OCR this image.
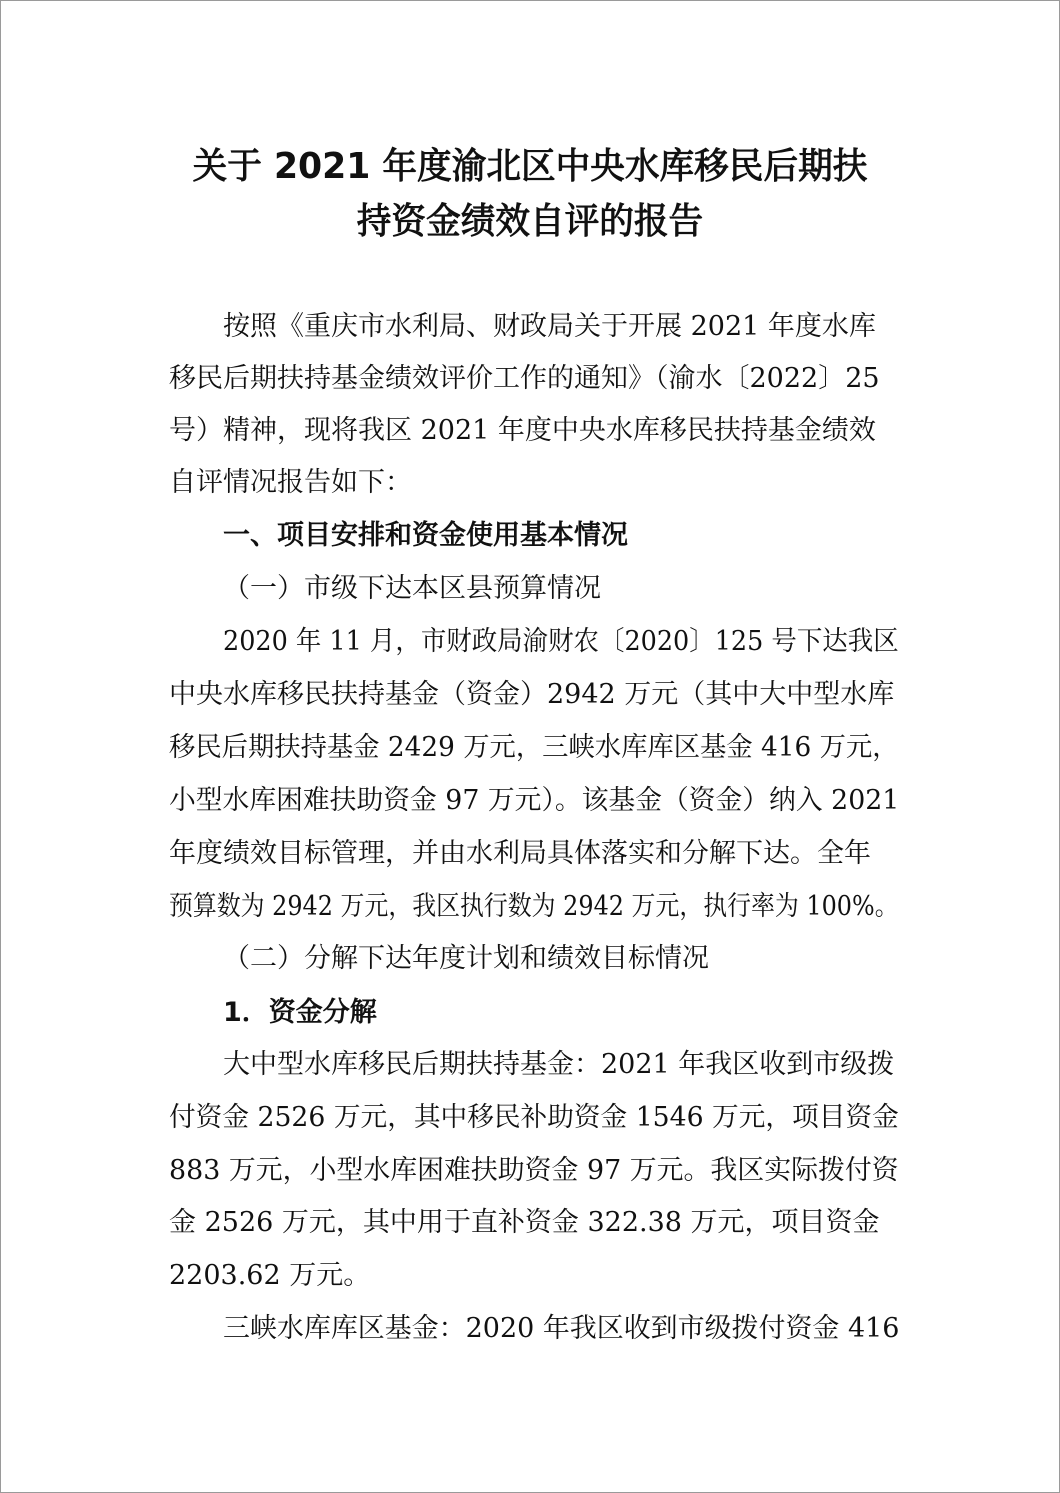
关于 2021 年度渝北区中央水库移民后期扶
持资金绩效自评的报告
按照《重庆市水利局、财政局关于开展 2021 年度水库
移民后期扶持基金绩效评价工作的通知》（渝水〔2022〕25
号）精神，现将我区 2021 年度中央水库移民扶持基金绩效
自评情况报告如下：
一、项目安排和资金使用基本情况
（一）市级下达本区县预算情况
2020 年 11 月，市财政局渝财农〔2020〕125 号下达我区
中央水库移民扶持基金（资金）2942 万元（其中大中型水库
移民后期扶持基金 2429 万元，三峡水库库区基金 416 万元，
小型水库困难扶助资金 97 万元）。该基金（资金）纳入 2021
年度绩效目标管理，并由水利局具体落实和分解下达。全年
预算数为 2942 万元，我区执行数为 2942 万元，执行率为 100%。
（二）分解下达年度计划和绩效目标情况
1．资金分解
大中型水库移民后期扶持基金：2021 年我区收到市级拨
付资金 2526 万元，其中移民补助资金 1546 万元，项目资金
883 万元，小型水库困难扶助资金 97 万元。我区实际拨付资
金 2526 万元，其中用于直补资金 322.38 万元，项目资金
2203.62 万元。
三峡水库库区基金：2020 年我区收到市级拨付资金 416
